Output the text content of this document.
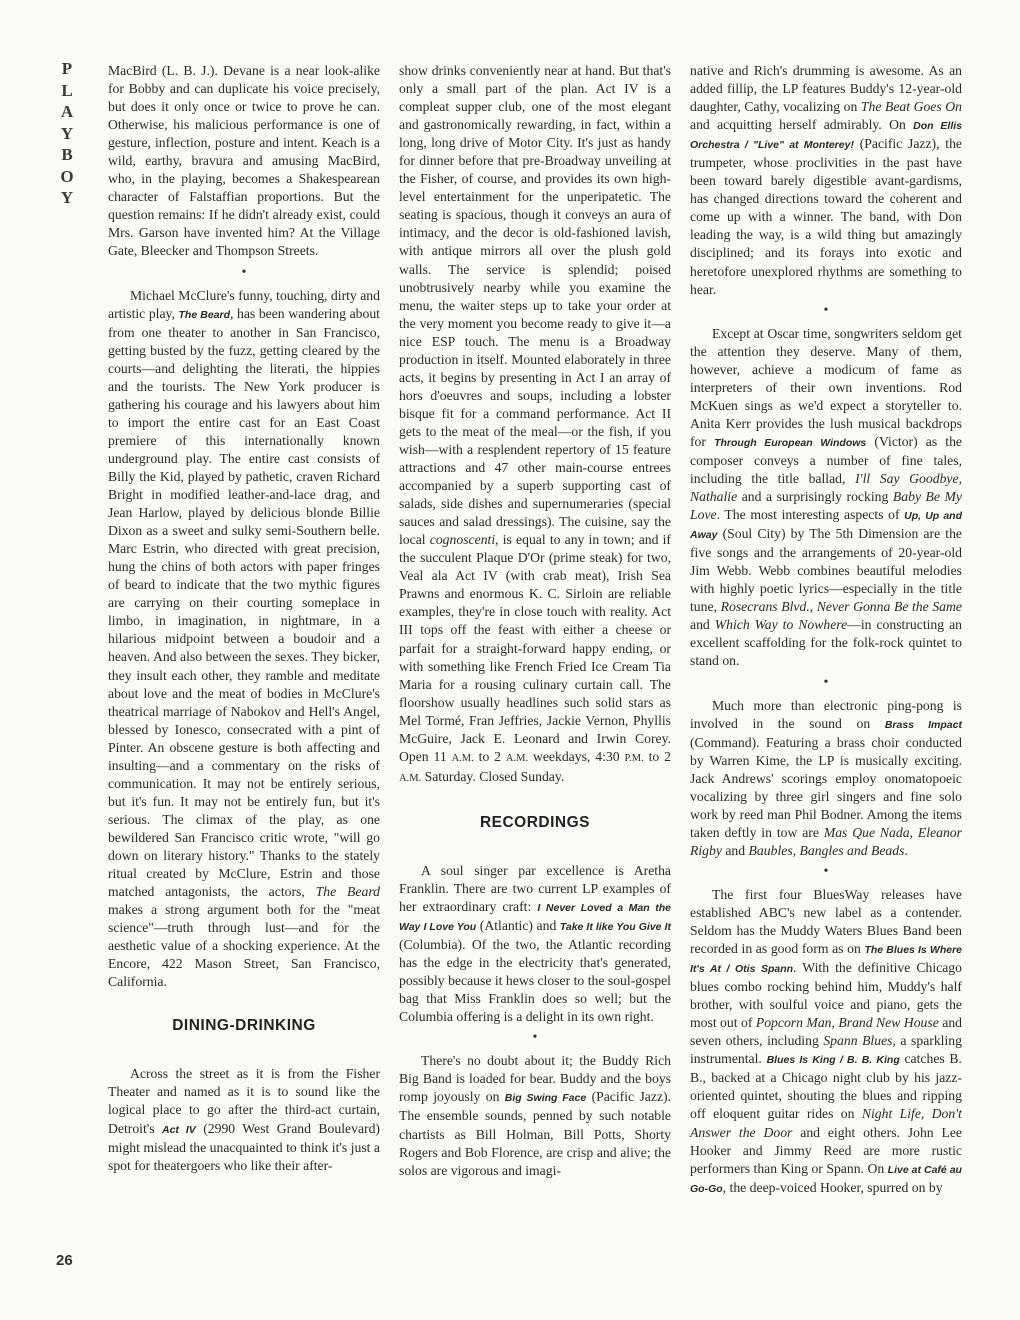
P
L
A
Y
B
O
Y

MacBird (L. B. J.). Devane is a near look-alike for Bobby and can duplicate his voice precisely, but does it only once or twice to prove he can. Otherwise, his malicious performance is one of gesture, inflection, posture and intent. Keach is a wild, earthy, bravura and amusing MacBird, who, in the playing, becomes a Shakespearean character of Falstaffian proportions. But the question remains: If he didn't already exist, could Mrs. Garson have invented him? At the Village Gate, Bleecker and Thompson Streets.

•

Michael McClure's funny, touching, dirty and artistic play, The Beard, has been wandering about from one theater to another in San Francisco, getting busted by the fuzz, getting cleared by the courts—and delighting the literati, the hippies and the tourists. The New York producer is gathering his courage and his lawyers about him to import the entire cast for an East Coast premiere of this internationally known underground play. The entire cast consists of Billy the Kid, played by pathetic, craven Richard Bright in modified leather-and-lace drag, and Jean Harlow, played by delicious blonde Billie Dixon as a sweet and sulky semi-Southern belle. Marc Estrin, who directed with great precision, hung the chins of both actors with paper fringes of beard to indicate that the two mythic figures are carrying on their courting someplace in limbo, in imagination, in nightmare, in a hilarious midpoint between a boudoir and a heaven. And also between the sexes. They bicker, they insult each other, they ramble and meditate about love and the meat of bodies in McClure's theatrical marriage of Nabokov and Hell's Angel, blessed by Ionesco, consecrated with a pint of Pinter. An obscene gesture is both affecting and insulting—and a commentary on the risks of communication. It may not be entirely serious, but it's fun. It may not be entirely fun, but it's serious. The climax of the play, as one bewildered San Francisco critic wrote, "will go down on literary history." Thanks to the stately ritual created by McClure, Estrin and those matched antagonists, the actors, The Beard makes a strong argument both for the "meat science"—truth through lust—and for the aesthetic value of a shocking experience. At the Encore, 422 Mason Street, San Francisco, California.

DINING-DRINKING

Across the street as it is from the Fisher Theater and named as it is to sound like the logical place to go after the third-act curtain, Detroit's Act IV (2990 West Grand Boulevard) might mislead the unacquainted to think it's just a spot for theatergoers who like their after-

show drinks conveniently near at hand. But that's only a small part of the plan. Act IV is a compleat supper club, one of the most elegant and gastronomically rewarding, in fact, within a long, long drive of Motor City. It's just as handy for dinner before that pre-Broadway unveiling at the Fisher, of course, and provides its own high-level entertainment for the unperipatetic. The seating is spacious, though it conveys an aura of intimacy, and the decor is old-fashioned lavish, with antique mirrors all over the plush gold walls. The service is splendid; poised unobtrusively nearby while you examine the menu, the waiter steps up to take your order at the very moment you become ready to give it—a nice ESP touch. The menu is a Broadway production in itself. Mounted elaborately in three acts, it begins by presenting in Act I an array of hors d'oeuvres and soups, including a lobster bisque fit for a command performance. Act II gets to the meat of the meal—or the fish, if you wish—with a resplendent repertory of 15 feature attractions and 47 other main-course entrees accompanied by a superb supporting cast of salads, side dishes and supernumeraries (special sauces and salad dressings). The cuisine, say the local cognoscenti, is equal to any in town; and if the succulent Plaque D'Or (prime steak) for two, Veal ala Act IV (with crab meat), Irish Sea Prawns and enormous K. C. Sirloin are reliable examples, they're in close touch with reality. Act III tops off the feast with either a cheese or parfait for a straight-forward happy ending, or with something like French Fried Ice Cream Tia Maria for a rousing culinary curtain call. The floorshow usually headlines such solid stars as Mel Tormé, Fran Jeffries, Jackie Vernon, Phyllis McGuire, Jack E. Leonard and Irwin Corey. Open 11 A.M. to 2 A.M. weekdays, 4:30 P.M. to 2 A.M. Saturday. Closed Sunday.

RECORDINGS

A soul singer par excellence is Aretha Franklin. There are two current LP examples of her extraordinary craft: I Never Loved a Man the Way I Love You (Atlantic) and Take It like You Give It (Columbia). Of the two, the Atlantic recording has the edge in the electricity that's generated, possibly because it hews closer to the soul-gospel bag that Miss Franklin does so well; but the Columbia offering is a delight in its own right.

•

There's no doubt about it; the Buddy Rich Big Band is loaded for bear. Buddy and the boys romp joyously on Big Swing Face (Pacific Jazz). The ensemble sounds, penned by such notable chartists as Bill Holman, Bill Potts, Shorty Rogers and Bob Florence, are crisp and alive; the solos are vigorous and imagi-

native and Rich's drumming is awesome. As an added fillip, the LP features Buddy's 12-year-old daughter, Cathy, vocalizing on The Beat Goes On and acquitting herself admirably. On Don Ellis Orchestra / "Live" at Monterey! (Pacific Jazz), the trumpeter, whose proclivities in the past have been toward barely digestible avant-gardisms, has changed directions toward the coherent and come up with a winner. The band, with Don leading the way, is a wild thing but amazingly disciplined; and its forays into exotic and heretofore unexplored rhythms are something to hear.

•

Except at Oscar time, songwriters seldom get the attention they deserve. Many of them, however, achieve a modicum of fame as interpreters of their own inventions. Rod McKuen sings as we'd expect a storyteller to. Anita Kerr provides the lush musical backdrops for Through European Windows (Victor) as the composer conveys a number of fine tales, including the title ballad, I'll Say Goodbye, Nathalie and a surprisingly rocking Baby Be My Love. The most interesting aspects of Up, Up and Away (Soul City) by The 5th Dimension are the five songs and the arrangements of 20-year-old Jim Webb. Webb combines beautiful melodies with highly poetic lyrics—especially in the title tune, Rosecrans Blvd., Never Gonna Be the Same and Which Way to Nowhere—in constructing an excellent scaffolding for the folk-rock quintet to stand on.

•

Much more than electronic ping-pong is involved in the sound on Brass Impact (Command). Featuring a brass choir conducted by Warren Kime, the LP is musically exciting. Jack Andrews' scorings employ onomatopoeic vocalizing by three girl singers and fine solo work by reed man Phil Bodner. Among the items taken deftly in tow are Mas Que Nada, Eleanor Rigby and Baubles, Bangles and Beads.

•

The first four BluesWay releases have established ABC's new label as a contender. Seldom has the Muddy Waters Blues Band been recorded in as good form as on The Blues Is Where It's At / Otis Spann. With the definitive Chicago blues combo rocking behind him, Muddy's half brother, with soulful voice and piano, gets the most out of Popcorn Man, Brand New House and seven others, including Spann Blues, a sparkling instrumental. Blues Is King / B. B. King catches B. B., backed at a Chicago night club by his jazz-oriented quintet, shouting the blues and ripping off eloquent guitar rides on Night Life, Don't Answer the Door and eight others. John Lee Hooker and Jimmy Reed are more rustic performers than King or Spann. On Live at Café au Go-Go, the deep-voiced Hooker, spurred on by

26
